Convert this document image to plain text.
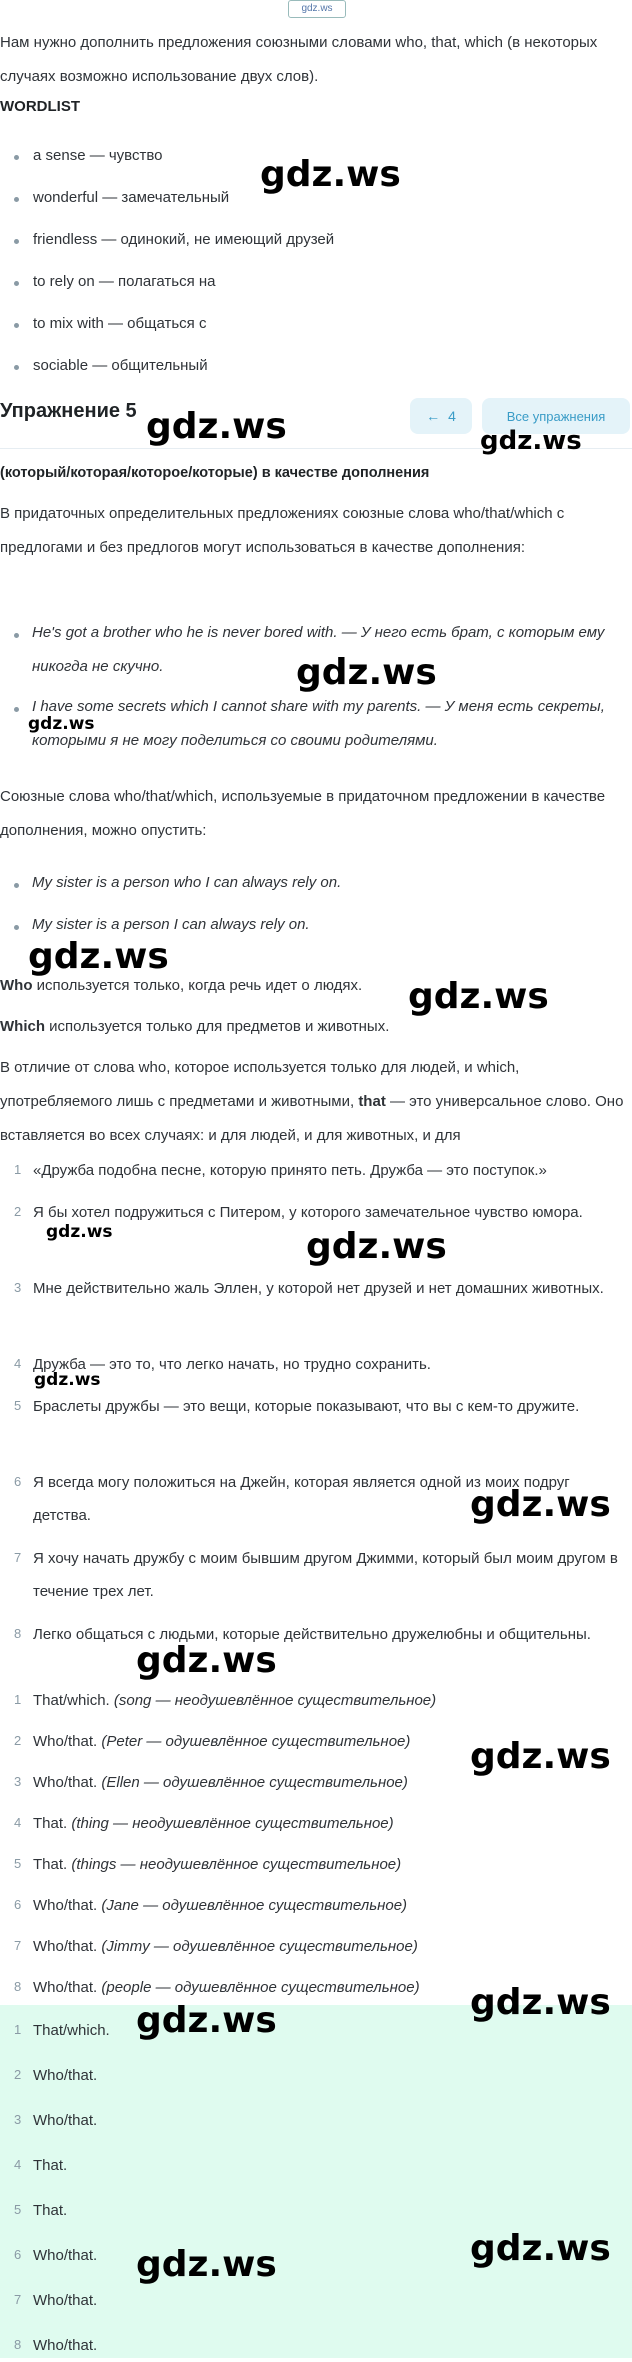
gdz.ws
Нам нужно дополнить предложения союзными словами who, that, which (в некоторых случаях возможно использование двух слов).
WORDLIST
a sense — чувство
wonderful — замечательный
friendless — одинокий, не имеющий друзей
to rely on — полагаться на
to mix with — общаться с
sociable — общительный
Упражнение 5	← 4	Все упражнения
(который/которая/которое/которые) в качестве дополнения
В придаточных определительных предложениях союзные слова who/that/which с предлогами и без предлогов могут использоваться в качестве дополнения:
He's got a brother who he is never bored with. — У него есть брат, с которым ему никогда не скучно.
I have some secrets which I cannot share with my parents. — У меня есть секреты, которыми я не могу поделиться со своими родителями.
Союзные слова who/that/which, используемые в придаточном предложении в качестве дополнения, можно опустить:
My sister is a person who I can always rely on.
My sister is a person I can always rely on.
Who используется только, когда речь идет о людях.
Which используется только для предметов и животных.
В отличие от слова who, которое используется только для людей, и which, употребляемого лишь с предметами и животными, that — это универсальное слово. Оно вставляется во всех случаях: и для людей, и для животных, и для
1 «Дружба подобна песне, которую принято петь. Дружба — это поступок.»
2 Я бы хотел подружиться с Питером, у которого замечательное чувство юмора.
3 Мне действительно жаль Эллен, у которой нет друзей и нет домашних животных.
4 Дружба — это то, что легко начать, но трудно сохранить.
5 Браслеты дружбы — это вещи, которые показывают, что вы с кем-то дружите.
6 Я всегда могу положиться на Джейн, которая является одной из моих подруг детства.
7 Я хочу начать дружбу с моим бывшим другом Джимми, который был моим другом в течение трех лет.
8 Легко общаться с людьми, которые действительно дружелюбны и общительны.
1 That/which. (song — неодушевлённое существительное)
2 Who/that. (Peter — одушевлённое существительное)
3 Who/that. (Ellen — одушевлённое существительное)
4 That. (thing — неодушевлённое существительное)
5 That. (things — неодушевлённое существительное)
6 Who/that. (Jane — одушевлённое существительное)
7 Who/that. (Jimmy — одушевлённое существительное)
8 Who/that. (people — одушевлённое существительное)
1 That/which.
2 Who/that.
3 Who/that.
4 That.
5 That.
6 Who/that.
7 Who/that.
8 Who/that.
gdz.ws
gdz.ws	gdz.ws
gdz.ws
gdz.ws
gdz.ws
gdz.ws
gdz.ws	gdz.ws
gdz.ws
gdz.ws
gdz.ws
gdz.ws
gdz.ws	gdz.ws
gdz.ws	gdz.ws
